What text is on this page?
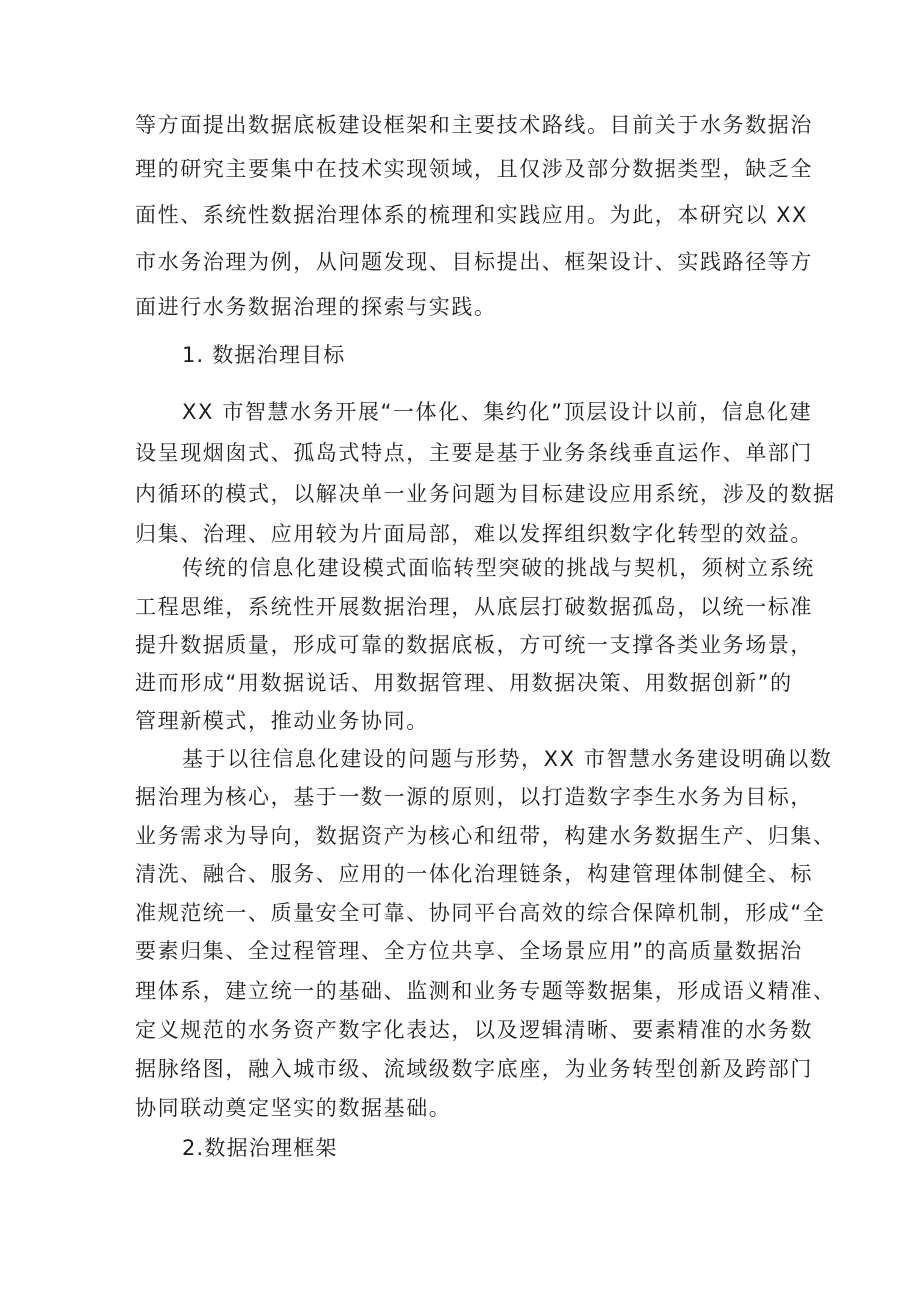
等方面提出数据底板建设框架和主要技术路线。目前关于水务数据治
理的研究主要集中在技术实现领域，且仅涉及部分数据类型，缺乏全
面性、系统性数据治理体系的梳理和实践应用。为此，本研究以 XX
市水务治理为例，从问题发现、目标提出、框架设计、实践路径等方
面进行水务数据治理的探索与实践。
1. 数据治理目标
XX 市智慧水务开展“一体化、集约化”顶层设计以前，信息化建
设呈现烟囱式、孤岛式特点，主要是基于业务条线垂直运作、单部门
内循环的模式，以解决单一业务问题为目标建设应用系统，涉及的数据
归集、治理、应用较为片面局部，难以发挥组织数字化转型的效益。
传统的信息化建设模式面临转型突破的挑战与契机，须树立系统
工程思维，系统性开展数据治理，从底层打破数据孤岛，以统一标准
提升数据质量，形成可靠的数据底板，方可统一支撑各类业务场景，
进而形成“用数据说话、用数据管理、用数据决策、用数据创新”的
管理新模式，推动业务协同。
基于以往信息化建设的问题与形势，XX 市智慧水务建设明确以数
据治理为核心，基于一数一源的原则，以打造数字李生水务为目标，
业务需求为导向，数据资产为核心和纽带，构建水务数据生产、归集、
清洗、融合、服务、应用的一体化治理链条，构建管理体制健全、标
准规范统一、质量安全可靠、协同平台高效的综合保障机制，形成“全
要素归集、全过程管理、全方位共享、全场景应用”的高质量数据治
理体系，建立统一的基础、监测和业务专题等数据集，形成语义精准、
定义规范的水务资产数字化表达，以及逻辑清晰、要素精准的水务数
据脉络图，融入城市级、流域级数字底座，为业务转型创新及跨部门
协同联动奠定坚实的数据基础。
2.数据治理框架
